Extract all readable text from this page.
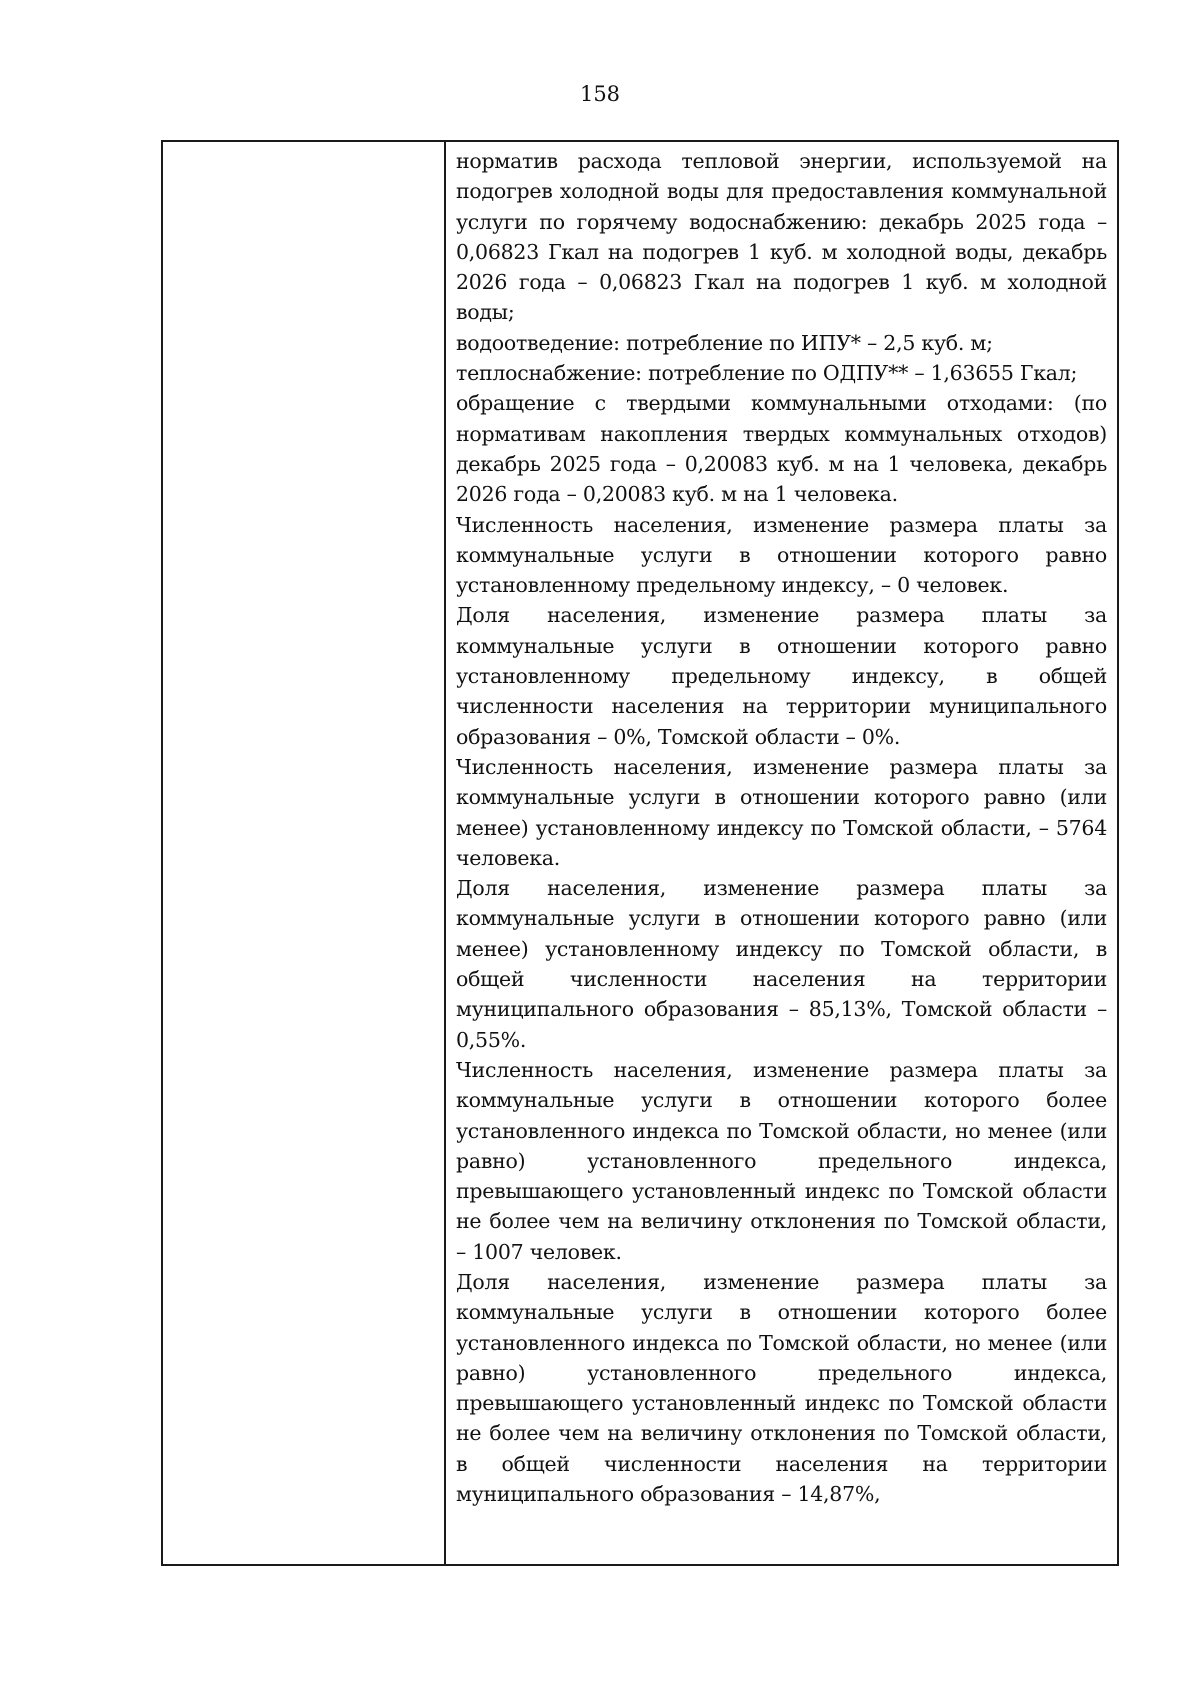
158

норматив расхода тепловой энергии, используемой на подогрев холодной воды для предоставления коммунальной услуги по горячему водоснабжению: декабрь 2025 года – 0,06823 Гкал на подогрев 1 куб. м холодной воды, декабрь 2026 года – 0,06823 Гкал на подогрев 1 куб. м холодной воды;

водоотведение: потребление по ИПУ* – 2,5 куб. м;

теплоснабжение: потребление по ОДПУ** – 1,63655 Гкал;

обращение с твердыми коммунальными отходами: (по нормативам накопления твердых коммунальных отходов) декабрь 2025 года – 0,20083 куб. м на 1 человека, декабрь 2026 года – 0,20083 куб. м на 1 человека.

Численность населения, изменение размера платы за коммунальные услуги в отношении которого равно установленному предельному индексу, – 0 человек.

Доля населения, изменение размера платы за коммунальные услуги в отношении которого равно установленному предельному индексу, в общей численности населения на территории муниципального образования – 0%, Томской области – 0%.

Численность населения, изменение размера платы за коммунальные услуги в отношении которого равно (или менее) установленному индексу по Томской области, – 5764 человека.

Доля населения, изменение размера платы за коммунальные услуги в отношении которого равно (или менее) установленному индексу по Томской области, в общей численности населения на территории муниципального образования – 85,13%, Томской области – 0,55%.

Численность населения, изменение размера платы за коммунальные услуги в отношении которого более установленного индекса по Томской области, но менее (или равно) установленного предельного индекса, превышающего установленный индекс по Томской области не более чем на величину отклонения по Томской области, – 1007 человек.

Доля населения, изменение размера платы за коммунальные услуги в отношении которого более установленного индекса по Томской области, но менее (или равно) установленного предельного индекса, превышающего установленный индекс по Томской области не более чем на величину отклонения по Томской области, в общей численности населения на территории муниципального образования – 14,87%,
